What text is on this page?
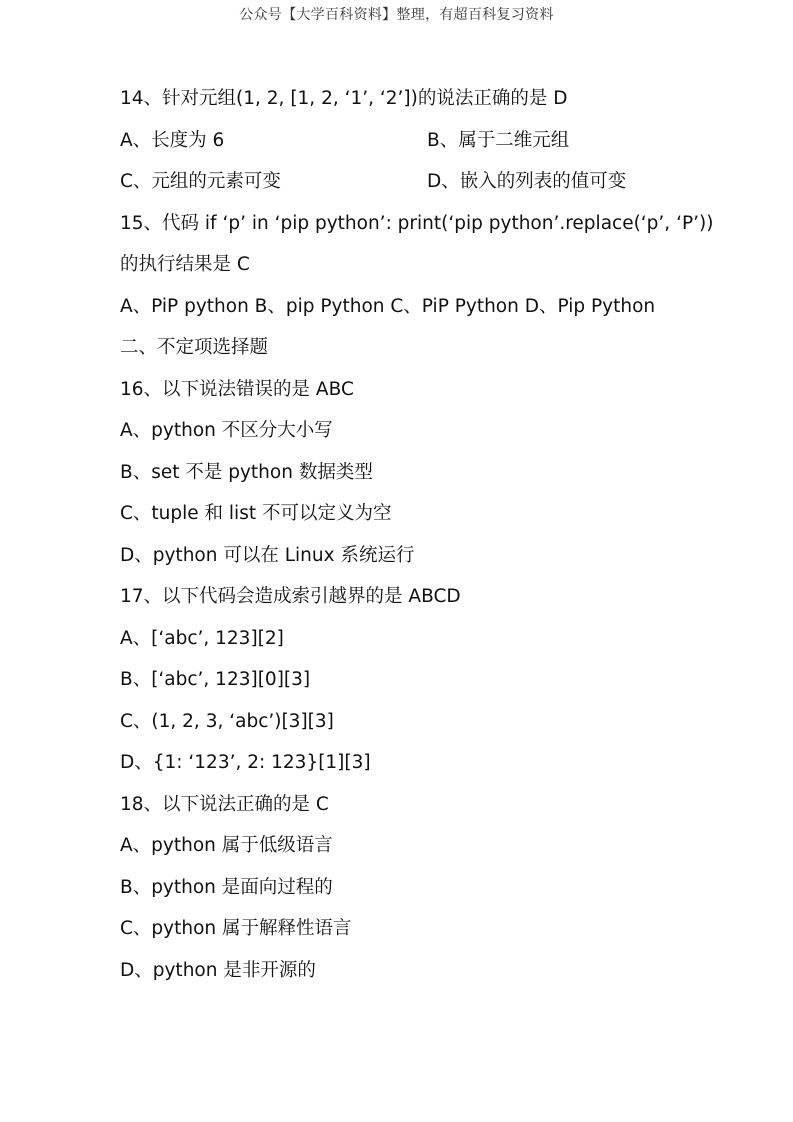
公众号【大学百科资料】整理，有超百科复习资料
14、针对元组(1, 2, [1, 2, ‘1’, ‘2’])的说法正确的是 D
A、长度为 6	B、属于二维元组
C、元组的元素可变	D、嵌入的列表的值可变
15、代码 if ‘p’ in ‘pip python’: print(‘pip python’.replace(‘p’, ‘P’))
的执行结果是 C
A、PiP python B、pip Python C、PiP Python D、Pip Python
二、不定项选择题
16、以下说法错误的是 ABC
A、python 不区分大小写
B、set 不是 python 数据类型
C、tuple 和 list 不可以定义为空
D、python 可以在 Linux 系统运行
17、以下代码会造成索引越界的是 ABCD
A、[‘abc’, 123][2]
B、[‘abc’, 123][0][3]
C、(1, 2, 3, ‘abc’)[3][3]
D、{1: ‘123’, 2: 123}[1][3]
18、以下说法正确的是 C
A、python 属于低级语言
B、python 是面向过程的
C、python 属于解释性语言
D、python 是非开源的
